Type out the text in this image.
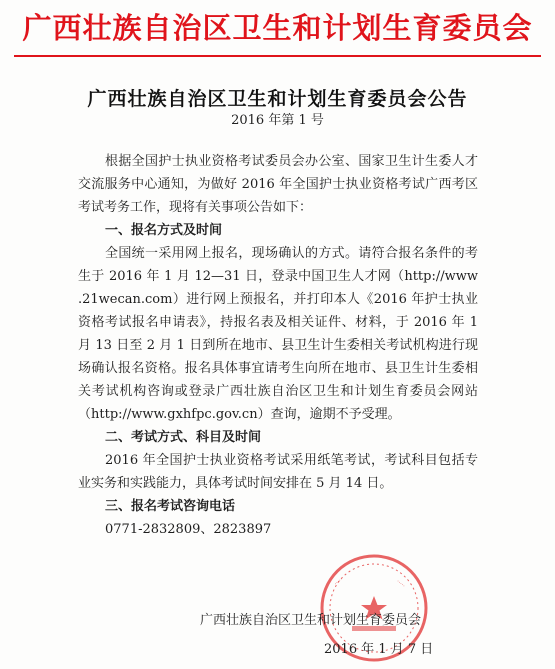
广西壮族自治区卫生和计划生育委员会
广西壮族自治区卫生和计划生育委员会公告
2016 年第 1 号

根据全国护士执业资格考试委员会办公室、国家卫生计生委人才交流服务中心通知，为做好 2016 年全国护士执业资格考试广西考区考试考务工作，现将有关事项公告如下：

一、报名方式及时间

全国统一采用网上报名，现场确认的方式。请符合报名条件的考生于 2016 年 1 月 12—31 日，登录中国卫生人才网（http://www .21wecan.com）进行网上预报名，并打印本人《2016 年护士执业资格考试报名申请表》，持报名表及相关证件、材料，于 2016 年 1 月 13 日至 2 月 1 日到所在地市、县卫生计生委相关考试机构进行现场确认报名资格。报名具体事宜请考生向所在地市、县卫生计生委相关考试机构咨询或登录广西壮族自治区卫生和计划生育委员会网站（http://www.gxhfpc.gov.cn）查询，逾期不予受理。

二、考试方式、科目及时间

2016 年全国护士执业资格考试采用纸笔考试，考试科目包括专业实务和实践能力，具体考试时间安排在 5 月 14 日。

三、报名考试咨询电话

0771-2832809、2823897

·····	·····
广西壮族自治区卫生和计划生育委员会
2016 年 1 月 7 日
